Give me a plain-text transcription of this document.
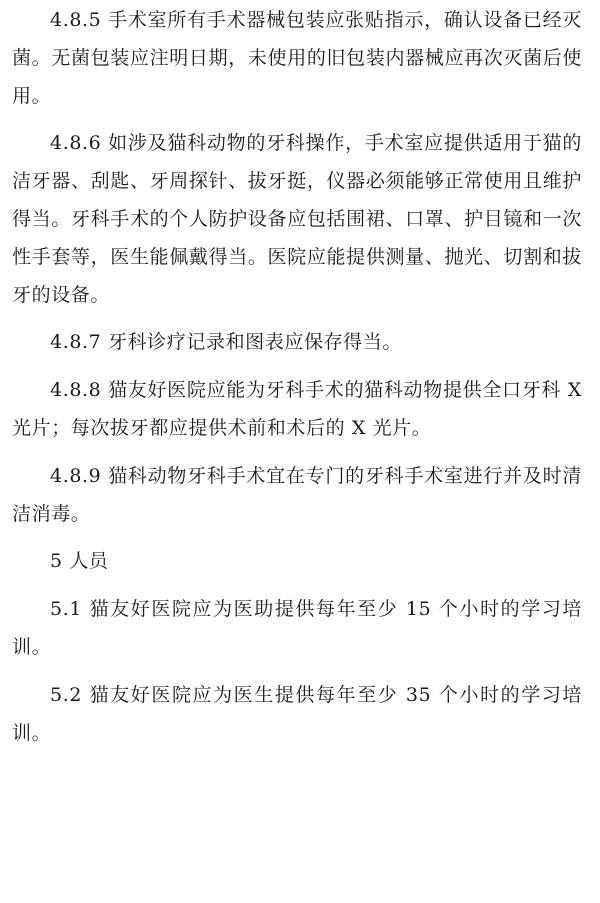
4.8.5 手术室所有手术器械包装应张贴指示，确认设备已经灭菌。无菌包装应注明日期，未使用的旧包装内器械应再次灭菌后使用。

4.8.6 如涉及猫科动物的牙科操作，手术室应提供适用于猫的洁牙器、刮匙、牙周探针、拔牙挺，仪器必须能够正常使用且维护得当。牙科手术的个人防护设备应包括围裙、口罩、护目镜和一次性手套等，医生能佩戴得当。医院应能提供测量、抛光、切割和拔牙的设备。

4.8.7 牙科诊疗记录和图表应保存得当。

4.8.8 猫友好医院应能为牙科手术的猫科动物提供全口牙科 X 光片；每次拔牙都应提供术前和术后的 X 光片。

4.8.9 猫科动物牙科手术宜在专门的牙科手术室进行并及时清洁消毒。

5 人员

5.1 猫友好医院应为医助提供每年至少 15 个小时的学习培训。

5.2 猫友好医院应为医生提供每年至少 35 个小时的学习培训。
